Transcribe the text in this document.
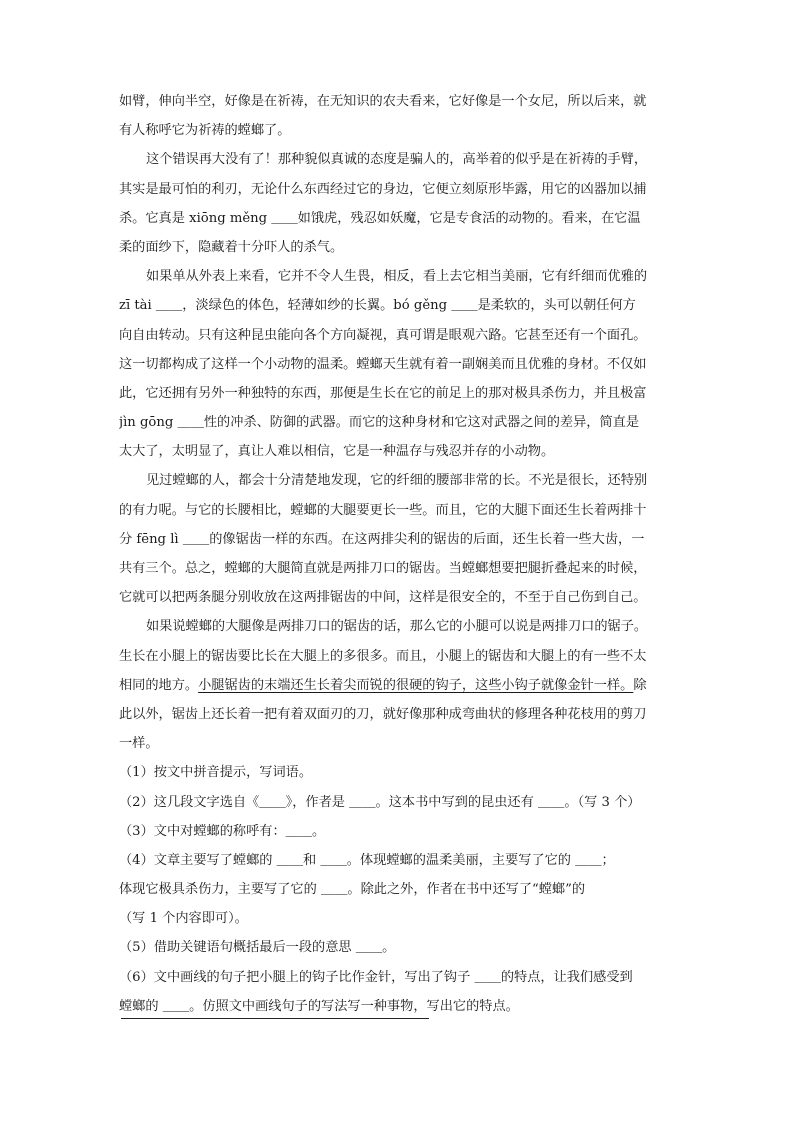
如臂，伸向半空，好像是在祈祷，在无知识的农夫看来，它好像是一个女尼，所以后来，就
有人称呼它为祈祷的螳螂了。
这个错误再大没有了！那种貌似真诚的态度是骗人的，高举着的似乎是在祈祷的手臂，
其实是最可怕的利刃，无论什么东西经过它的身边，它便立刻原形毕露，用它的凶器加以捕
杀。它真是 xiōng měng ＿＿如饿虎，残忍如妖魔，它是专食活的动物的。看来，在它温
柔的面纱下，隐藏着十分吓人的杀气。
如果单从外表上来看，它并不令人生畏，相反，看上去它相当美丽，它有纤细而优雅的
zī tài ＿＿，淡绿色的体色，轻薄如纱的长翼。bó gěng ＿＿是柔软的，头可以朝任何方
向自由转动。只有这种昆虫能向各个方向凝视，真可谓是眼观六路。它甚至还有一个面孔。
这一切都构成了这样一个小动物的温柔。螳螂天生就有着一副娴美而且优雅的身材。不仅如
此，它还拥有另外一种独特的东西，那便是生长在它的前足上的那对极具杀伤力，并且极富
jìn gōng ＿＿性的冲杀、防御的武器。而它的这种身材和它这对武器之间的差异，简直是
太大了，太明显了，真让人难以相信，它是一种温存与残忍并存的小动物。
见过螳螂的人，都会十分清楚地发现，它的纤细的腰部非常的长。不光是很长，还特别
的有力呢。与它的长腰相比，螳螂的大腿要更长一些。而且，它的大腿下面还生长着两排十
分 fēng lì ＿＿的像锯齿一样的东西。在这两排尖利的锯齿的后面，还生长着一些大齿，一
共有三个。总之，螳螂的大腿简直就是两排刀口的锯齿。当螳螂想要把腿折叠起来的时候，
它就可以把两条腿分别收放在这两排锯齿的中间，这样是很安全的，不至于自己伤到自己。
如果说螳螂的大腿像是两排刀口的锯齿的话，那么它的小腿可以说是两排刀口的锯子。
生长在小腿上的锯齿要比长在大腿上的多很多。而且，小腿上的锯齿和大腿上的有一些不太
相同的地方。小腿锯齿的末端还生长着尖而锐的很硬的钩子，这些小钩子就像金针一样。除
此以外，锯齿上还长着一把有着双面刃的刀，就好像那种成弯曲状的修理各种花枝用的剪刀
一样。
（1）按文中拼音提示，写词语。
（2）这几段文字选自《＿＿》，作者是 ＿＿。这本书中写到的昆虫还有 ＿＿。（写 3 个）
（3）文中对螳螂的称呼有：＿＿。
（4）文章主要写了螳螂的 ＿＿和 ＿＿。体现螳螂的温柔美丽，主要写了它的 ＿＿；
体现它极具杀伤力，主要写了它的 ＿＿。除此之外，作者在书中还写了“螳螂”的
（写 1 个内容即可）。
（5）借助关键语句概括最后一段的意思 ＿＿。
（6）文中画线的句子把小腿上的钩子比作金针，写出了钩子 ＿＿的特点，让我们感受到
螳螂的 ＿＿。仿照文中画线句子的写法写一种事物，写出它的特点。
